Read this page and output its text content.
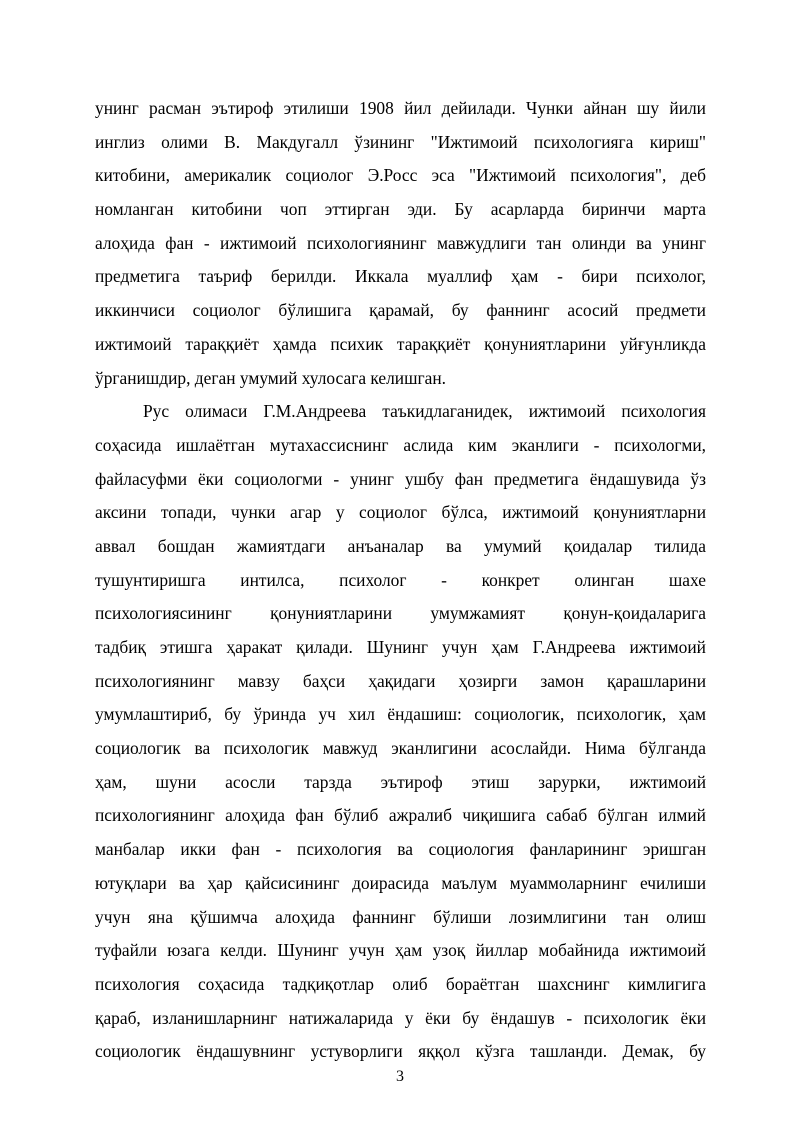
унинг расман эътироф этилиши 1908 йил дейилади. Чунки айнан шу йили
инглиз олими В. Макдугалл ўзининг "Ижтимоий психологияга кириш"
китобини, америкалик социолог Э.Росс эса "Ижтимоий психология", деб
номланган китобини чоп эттирган эди. Бу асарларда биринчи марта
алоҳида фан - ижтимоий психологиянинг мавжудлиги тан олинди ва унинг
предметига таъриф берилди. Иккала муаллиф ҳам - бири психолог,
иккинчиси социолог бўлишига қарамай, бу фаннинг асосий предмети
ижтимоий тараққиёт ҳамда психик тараққиёт қонуниятларини уйғунликда
ўрганишдир, деган умумий хулосага келишган.
Рус олимаси Г.М.Андреева таъкидлаганидек, ижтимоий психология
соҳасида ишлаётган мутахассиснинг аслида ким эканлиги - психологми,
файласуфми ёки социологми - унинг ушбу фан предметига ёндашувида ўз
аксини топади, чунки агар у социолог бўлса, ижтимоий қонуниятларни
аввал бошдан жамиятдаги анъаналар ва умумий қоидалар тилида
тушунтиришга интилса, психолог - конкрет олинган шахе
психологиясининг қонуниятларини умумжамият қонун-қоидаларига
тадбиқ этишга ҳаракат қилади. Шунинг учун ҳам Г.Андреева ижтимоий
психологиянинг мавзу баҳси ҳақидаги ҳозирги замон қарашларини
умумлаштириб, бу ўринда уч хил ёндашиш: социологик, психологик, ҳам
социологик ва психологик мавжуд эканлигини асослайди. Нима бўлганда
ҳам, шуни асосли тарзда эътироф этиш зарурки, ижтимоий
психологиянинг алоҳида фан бўлиб ажралиб чиқишига сабаб бўлган илмий
манбалар икки фан - психология ва социология фанларининг эришган
ютуқлари ва ҳар қайсисининг доирасида маълум муаммоларнинг ечилиши
учун яна қўшимча алоҳида фаннинг бўлиши лозимлигини тан олиш
туфайли юзага келди. Шунинг учун ҳам узоқ йиллар мобайнида ижтимоий
психология соҳасида тадқиқотлар олиб бораётган шахснинг кимлигига
қараб, изланишларнинг натижаларида у ёки бу ёндашув - психологик ёки
социологик ёндашувнинг устуворлиги яққол кўзга ташланди. Демак, бу
3
